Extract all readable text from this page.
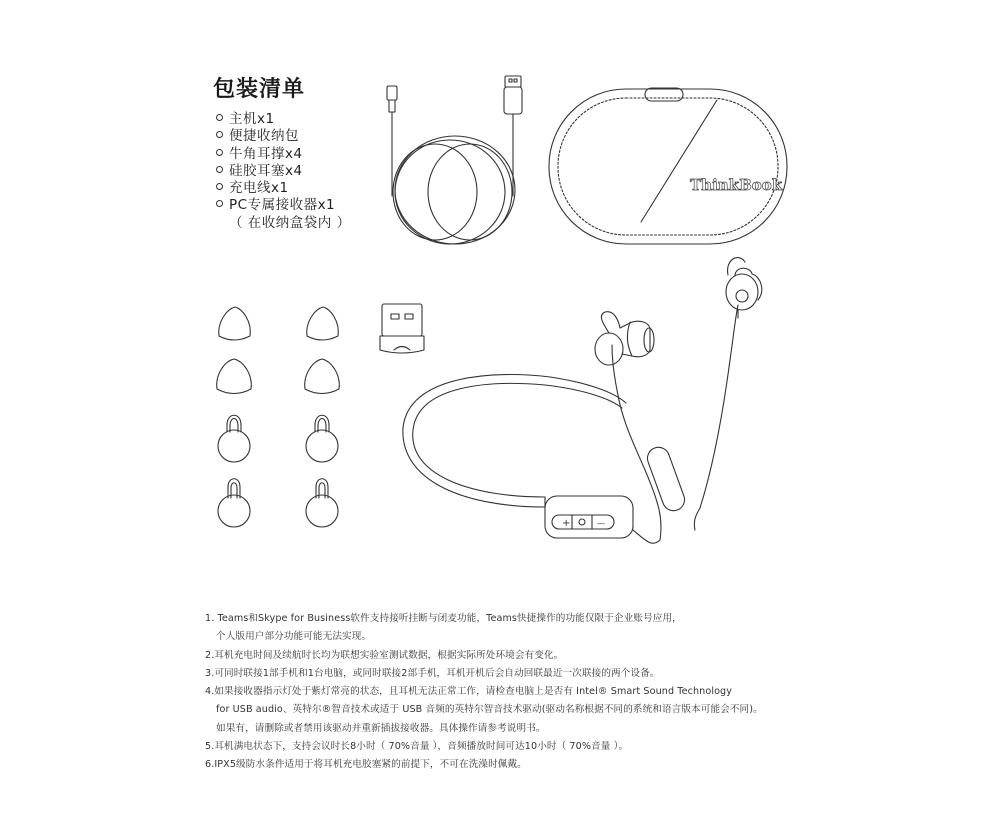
包装清单
主机x1
便捷收纳包
牛角耳撑x4
硅胶耳塞x4
充电线x1
PC专属接收器x1
（ 在收纳盒袋内 ）
ThinkBook
+	—
1. Teams和Skype for Business软件支持接听挂断与闭麦功能，Teams快捷操作的功能仅限于企业账号应用，
个人版用户部分功能可能无法实现。
2.耳机充电时间及续航时长均为联想实验室测试数据，根据实际所处环境会有变化。
3.可同时联接1部手机和1台电脑，或同时联接2部手机，耳机开机后会自动回联最近一次联接的两个设备。
4.如果接收器指示灯处于紫灯常亮的状态，且耳机无法正常工作，请检查电脑上是否有 Intel® Smart Sound Technology
for USB audio、英特尔®智音技术或适于 USB 音频的英特尔智音技术驱动(驱动名称根据不同的系统和语言版本可能会不同)。
如果有，请删除或者禁用该驱动并重新插拔接收器。具体操作请参考说明书。
5.耳机满电状态下，支持会议时长8小时（ 70%音量 ），音频播放时间可达10小时（ 70%音量 ）。
6.IPX5级防水条件适用于将耳机充电胶塞紧的前提下，不可在洗澡时佩戴。
